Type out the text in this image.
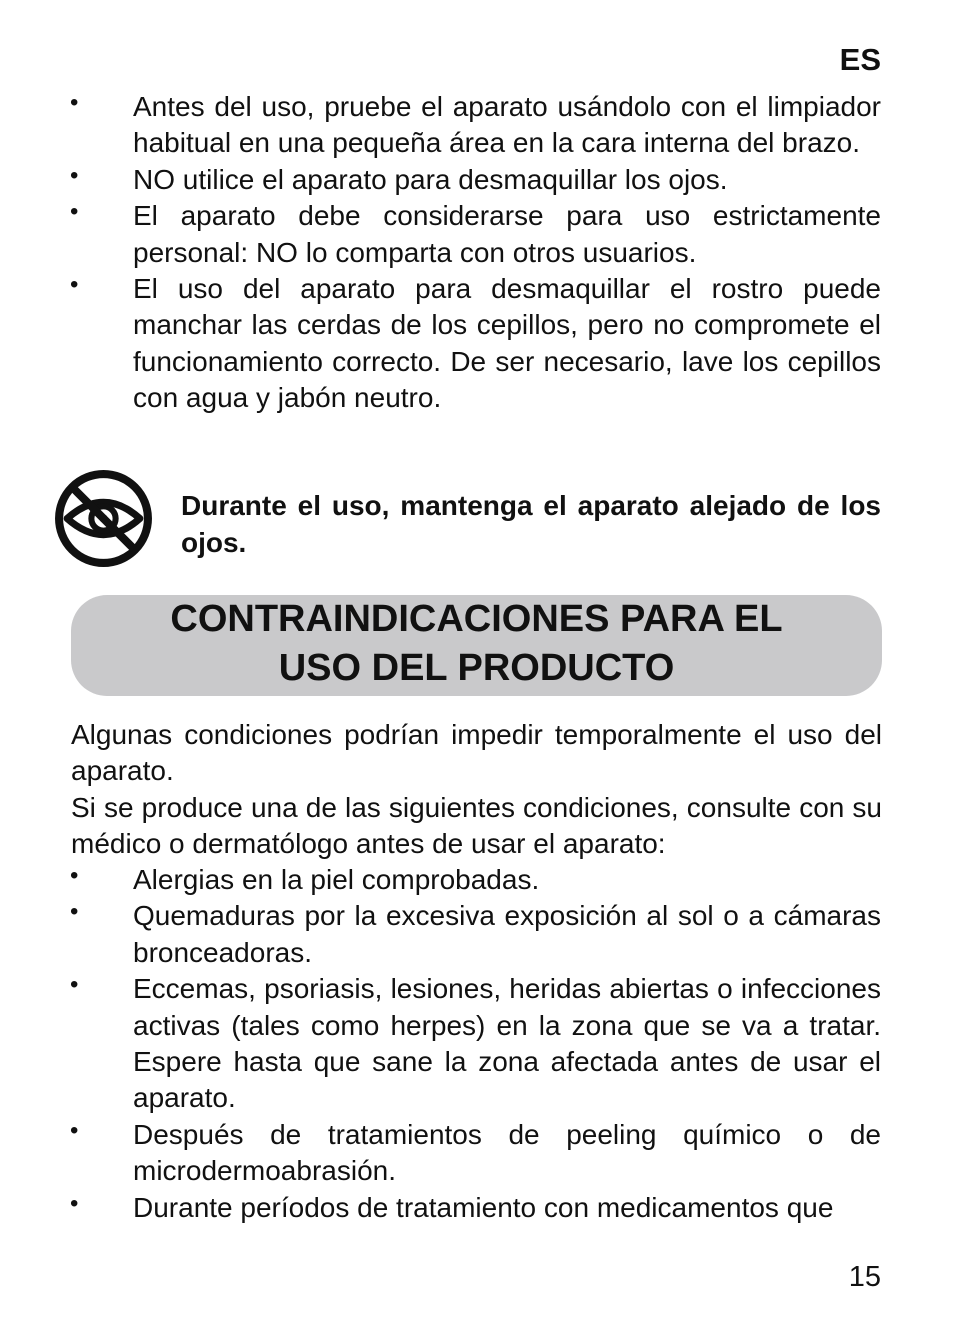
ES
• Antes del uso, pruebe el aparato usándolo con el limpiador habitual en una pequeña área en la cara interna del brazo.
• NO utilice el aparato para desmaquillar los ojos.
• El aparato debe considerarse para uso estrictamente personal: NO lo comparta con otros usuarios.
• El uso del aparato para desmaquillar el rostro puede manchar las cerdas de los cepillos, pero no compromete el funcionamiento correcto. De ser necesario, lave los cepillos con agua y jabón neutro.
Durante el uso, mantenga el aparato alejado de los ojos.
CONTRAINDICACIONES PARA EL
USO DEL PRODUCTO

Algunas condiciones podrían impedir temporalmente el uso del aparato.

Si se produce una de las siguientes condiciones, consulte con su médico o dermatólogo antes de usar el aparato:

• Alergias en la piel comprobadas.
• Quemaduras por la excesiva exposición al sol o a cámaras bronceadoras.
• Eccemas, psoriasis, lesiones, heridas abiertas o infecciones activas (tales como herpes) en la zona que se va a tratar. Espere hasta que sane la zona afectada antes de usar el aparato.
• Después de tratamientos de peeling químico o de microdermoabrasión.
• Durante períodos de tratamiento con medicamentos que
15
